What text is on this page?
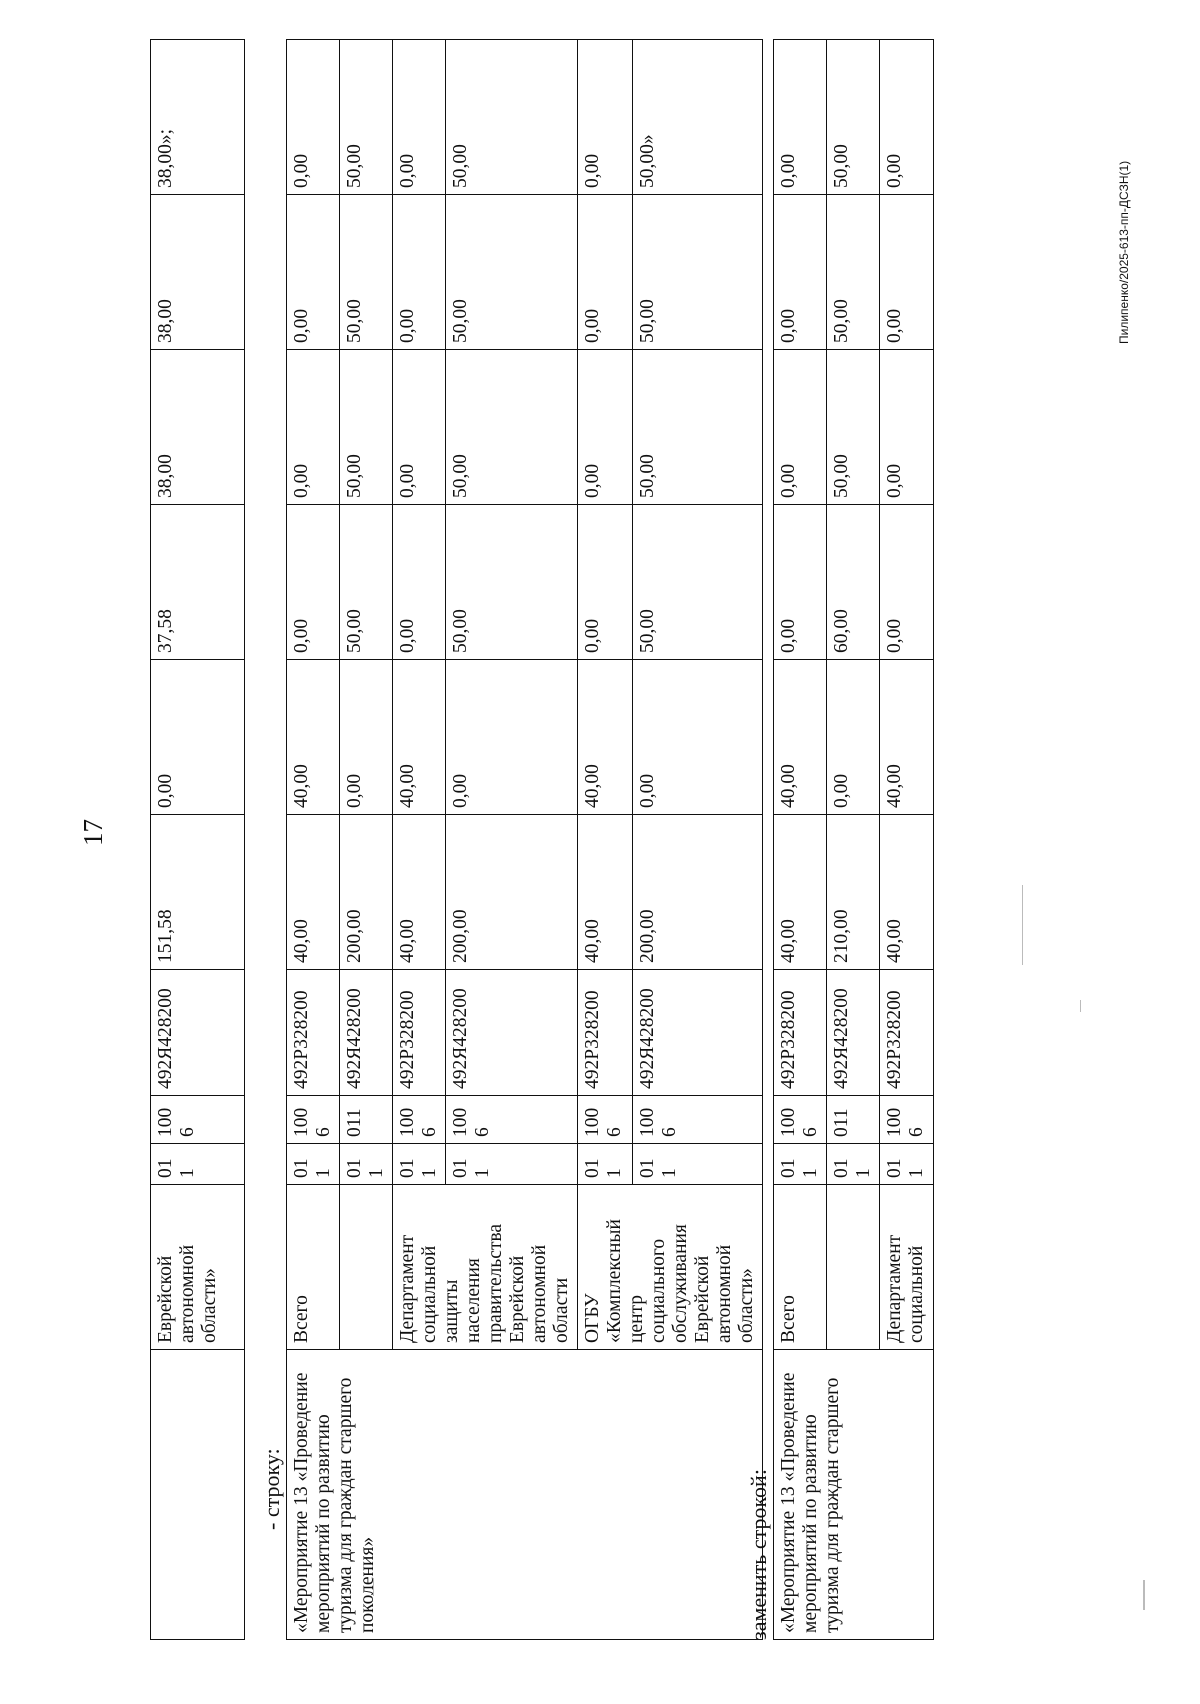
17
Пилипенко/2025-613-пп-ДСЗН(1)
	Еврейской автономной области»	011	1006	492Я428200	151,58	0,00	37,58	38,00	38,00	38,00»;
- строку: «Мероприятие 13 «Проведение мероприятий по развитию туризма для граждан старшего поколения»	Всего	011	1006	492Р328200	40,00	40,00	0,00	0,00	0,00	0,00
		011	011	492Я428200	200,00	0,00	50,00	50,00	50,00	50,00
	Департамент социальной защиты населения правительства Еврейской автономной области	011	1006	492Р328200	40,00	40,00	0,00	0,00	0,00	0,00
		011	1006	492Я428200	200,00	0,00	50,00	50,00	50,00	50,00
	ОГБУ «Комплексный центр социального обслуживания Еврейской автономной области»	011	1006	492Р328200	40,00	40,00	0,00	0,00	0,00	0,00
		011	1006	492Я428200	200,00	0,00	50,00	50,00	50,00	50,00»
заменить строкой: «Мероприятие 13 «Проведение мероприятий по развитию туризма для граждан старшего	Всего	011	1006	492Р328200	40,00	40,00	0,00	0,00	0,00	0,00
		011	011	492Я428200	210,00	0,00	60,00	50,00	50,00	50,00
	Департамент социальной	011	1006	492Р328200	40,00	40,00	0,00	0,00	0,00	0,00
